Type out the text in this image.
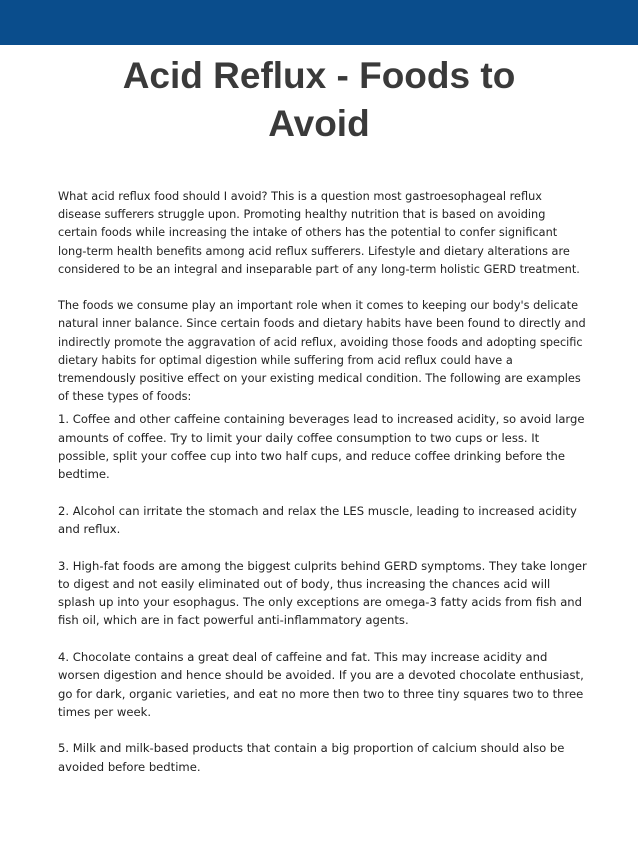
Acid Reflux - Foods to
Avoid

What acid reflux food should I avoid? This is a question most gastroesophageal reflux disease sufferers struggle upon. Promoting healthy nutrition that is based on avoiding certain foods while increasing the intake of others has the potential to confer significant long-term health benefits among acid reflux sufferers. Lifestyle and dietary alterations are considered to be an integral and inseparable part of any long-term holistic GERD treatment.

The foods we consume play an important role when it comes to keeping our body's delicate natural inner balance. Since certain foods and dietary habits have been found to directly and indirectly promote the aggravation of acid reflux, avoiding those foods and adopting specific dietary habits for optimal digestion while suffering from acid reflux could have a tremendously positive effect on your existing medical condition. The following are examples of these types of foods:

1. Coffee and other caffeine containing beverages lead to increased acidity, so avoid large amounts of coffee. Try to limit your daily coffee consumption to two cups or less. It possible, split your coffee cup into two half cups, and reduce coffee drinking before the bedtime.

2. Alcohol can irritate the stomach and relax the LES muscle, leading to increased acidity and reflux.

3. High-fat foods are among the biggest culprits behind GERD symptoms. They take longer to digest and not easily eliminated out of body, thus increasing the chances acid will splash up into your esophagus. The only exceptions are omega-3 fatty acids from fish and fish oil, which are in fact powerful anti-inflammatory agents.

4. Chocolate contains a great deal of caffeine and fat. This may increase acidity and worsen digestion and hence should be avoided. If you are a devoted chocolate enthusiast, go for dark, organic varieties, and eat no more then two to three tiny squares two to three times per week.

5. Milk and milk-based products that contain a big proportion of calcium should also be avoided before bedtime.
